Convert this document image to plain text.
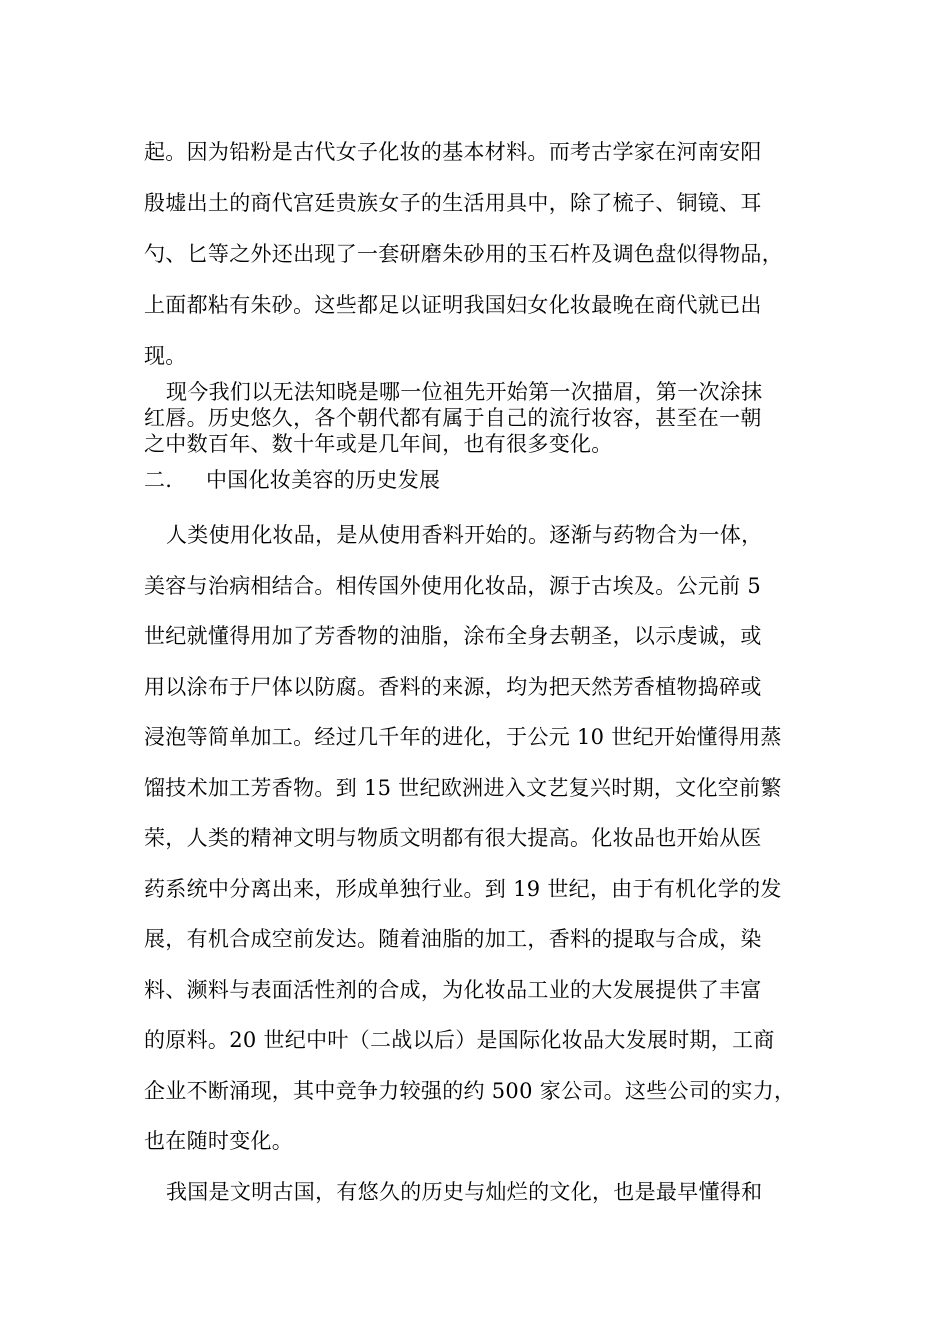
起。因为铅粉是古代女子化妆的基本材料。而考古学家在河南安阳
殷墟出土的商代宫廷贵族女子的生活用具中，除了梳子、铜镜、耳
勺、匕等之外还出现了一套研磨朱砂用的玉石杵及调色盘似得物品，
上面都粘有朱砂。这些都足以证明我国妇女化妆最晚在商代就已出
现。
现今我们以无法知晓是哪一位祖先开始第一次描眉，第一次涂抹
红唇。历史悠久，各个朝代都有属于自己的流行妆容，甚至在一朝
之中数百年、数十年或是几年间，也有很多变化。
二. 中国化妆美容的历史发展
人类使用化妆品，是从使用香料开始的。逐渐与药物合为一体，
美容与治病相结合。相传国外使用化妆品，源于古埃及。公元前 5
世纪就懂得用加了芳香物的油脂，涂布全身去朝圣，以示虔诚，或
用以涂布于尸体以防腐。香料的来源，均为把天然芳香植物捣碎或
浸泡等简单加工。经过几千年的进化，于公元 10 世纪开始懂得用蒸
馏技术加工芳香物。到 15 世纪欧洲进入文艺复兴时期，文化空前繁
荣，人类的精神文明与物质文明都有很大提高。化妆品也开始从医
药系统中分离出来，形成单独行业。到 19 世纪，由于有机化学的发
展，有机合成空前发达。随着油脂的加工，香料的提取与合成，染
料、濒料与表面活性剂的合成，为化妆品工业的大发展提供了丰富
的原料。20 世纪中叶（二战以后）是国际化妆品大发展时期，工商
企业不断涌现，其中竞争力较强的约 500 家公司。这些公司的实力，
也在随时变化。
我国是文明古国，有悠久的历史与灿烂的文化，也是最早懂得和
